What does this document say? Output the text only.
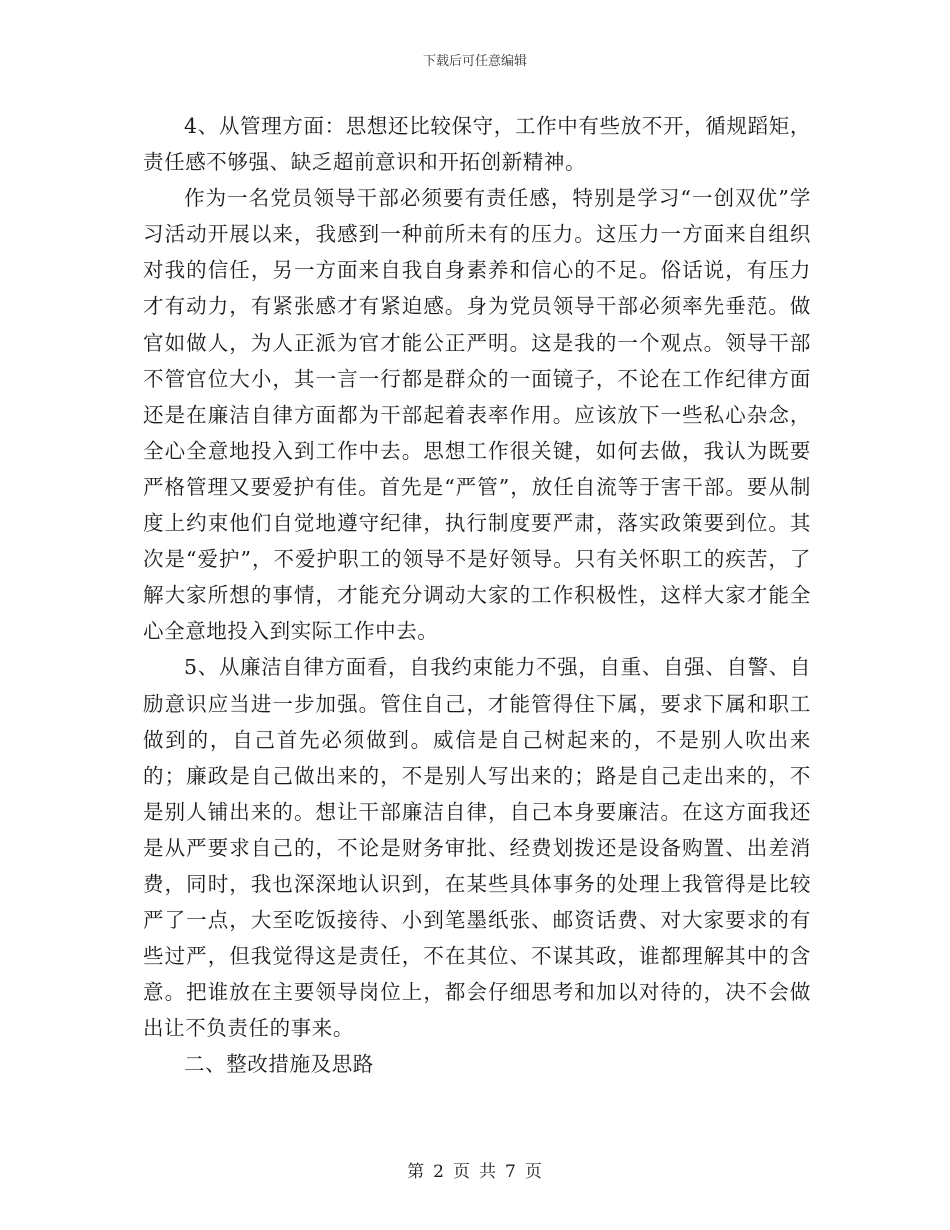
下载后可任意编辑

4、从管理方面：思想还比较保守，工作中有些放不开，循规蹈矩，责任感不够强、缺乏超前意识和开拓创新精神。

作为一名党员领导干部必须要有责任感，特别是学习“一创双优”学习活动开展以来，我感到一种前所未有的压力。这压力一方面来自组织对我的信任，另一方面来自我自身素养和信心的不足。俗话说，有压力才有动力，有紧张感才有紧迫感。身为党员领导干部必须率先垂范。做官如做人，为人正派为官才能公正严明。这是我的一个观点。领导干部不管官位大小，其一言一行都是群众的一面镜子，不论在工作纪律方面还是在廉洁自律方面都为干部起着表率作用。应该放下一些私心杂念，全心全意地投入到工作中去。思想工作很关键，如何去做，我认为既要严格管理又要爱护有佳。首先是“严管”，放任自流等于害干部。要从制度上约束他们自觉地遵守纪律，执行制度要严肃，落实政策要到位。其次是“爱护”，不爱护职工的领导不是好领导。只有关怀职工的疾苦，了解大家所想的事情，才能充分调动大家的工作积极性，这样大家才能全心全意地投入到实际工作中去。

5、从廉洁自律方面看，自我约束能力不强，自重、自强、自警、自励意识应当进一步加强。管住自己，才能管得住下属，要求下属和职工做到的，自己首先必须做到。威信是自己树起来的，不是别人吹出来的；廉政是自己做出来的，不是别人写出来的；路是自己走出来的，不是别人铺出来的。想让干部廉洁自律，自己本身要廉洁。在这方面我还是从严要求自己的，不论是财务审批、经费划拨还是设备购置、出差消费，同时，我也深深地认识到，在某些具体事务的处理上我管得是比较严了一点，大至吃饭接待、小到笔墨纸张、邮资话费、对大家要求的有些过严，但我觉得这是责任，不在其位、不谋其政，谁都理解其中的含意。把谁放在主要领导岗位上，都会仔细思考和加以对待的，决不会做出让不负责任的事来。

二、整改措施及思路

第 2 页 共 7 页
